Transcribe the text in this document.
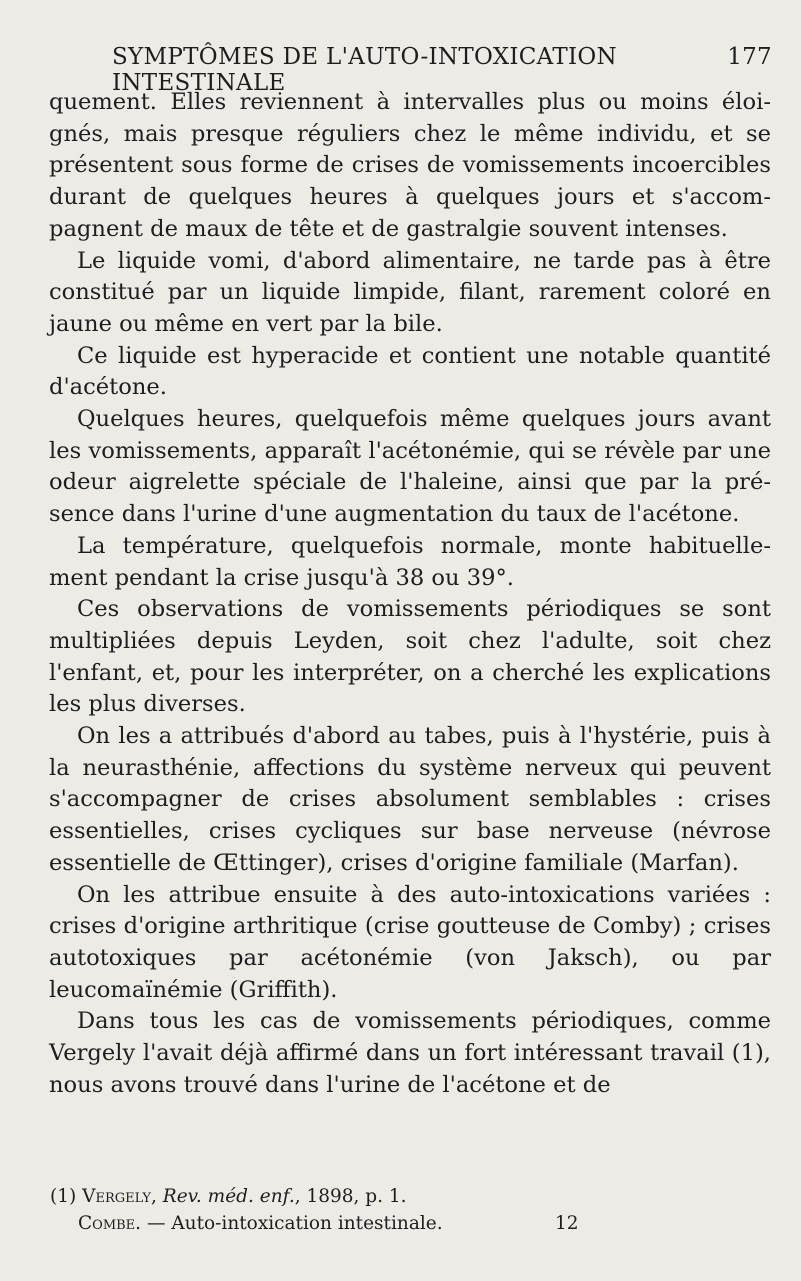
SYMPTÔMES DE L'AUTO-INTOXICATION INTESTINALE
177

quement. Elles reviennent à intervalles plus ou moins éloignés, mais presque réguliers chez le même individu, et se présentent sous forme de crises de vomissements incoercibles durant de quelques heures à quelques jours et s'accompagnent de maux de tête et de gastralgie souvent intenses.

Le liquide vomi, d'abord alimentaire, ne tarde pas à être constitué par un liquide limpide, filant, rarement coloré en jaune ou même en vert par la bile.

Ce liquide est hyperacide et contient une notable quantité d'acétone.

Quelques heures, quelquefois même quelques jours avant les vomissements, apparaît l'acétonémie, qui se révèle par une odeur aigrelette spéciale de l'haleine, ainsi que par la présence dans l'urine d'une augmentation du taux de l'acétone.

La température, quelquefois normale, monte habituellement pendant la crise jusqu'à 38 ou 39°.

Ces observations de vomissements périodiques se sont multipliées depuis Leyden, soit chez l'adulte, soit chez l'enfant, et, pour les interpréter, on a cherché les explications les plus diverses.

On les a attribués d'abord au tabes, puis à l'hystérie, puis à la neurasthénie, affections du système nerveux qui peuvent s'accompagner de crises absolument semblables : crises essentielles, crises cycliques sur base nerveuse (névrose essentielle de Œttinger), crises d'origine familiale (Marfan).

On les attribue ensuite à des auto-intoxications variées : crises d'origine arthritique (crise goutteuse de Comby) ; crises autotoxiques par acétonémie (von Jaksch), ou par leucomaïnémie (Griffith).

Dans tous les cas de vomissements périodiques, comme Vergely l'avait déjà affirmé dans un fort intéressant travail (1), nous avons trouvé dans l'urine de l'acétone et de

(1) Vergely, Rev. méd. enf., 1898, p. 1.
Combe. — Auto-intoxication intestinale.	12
